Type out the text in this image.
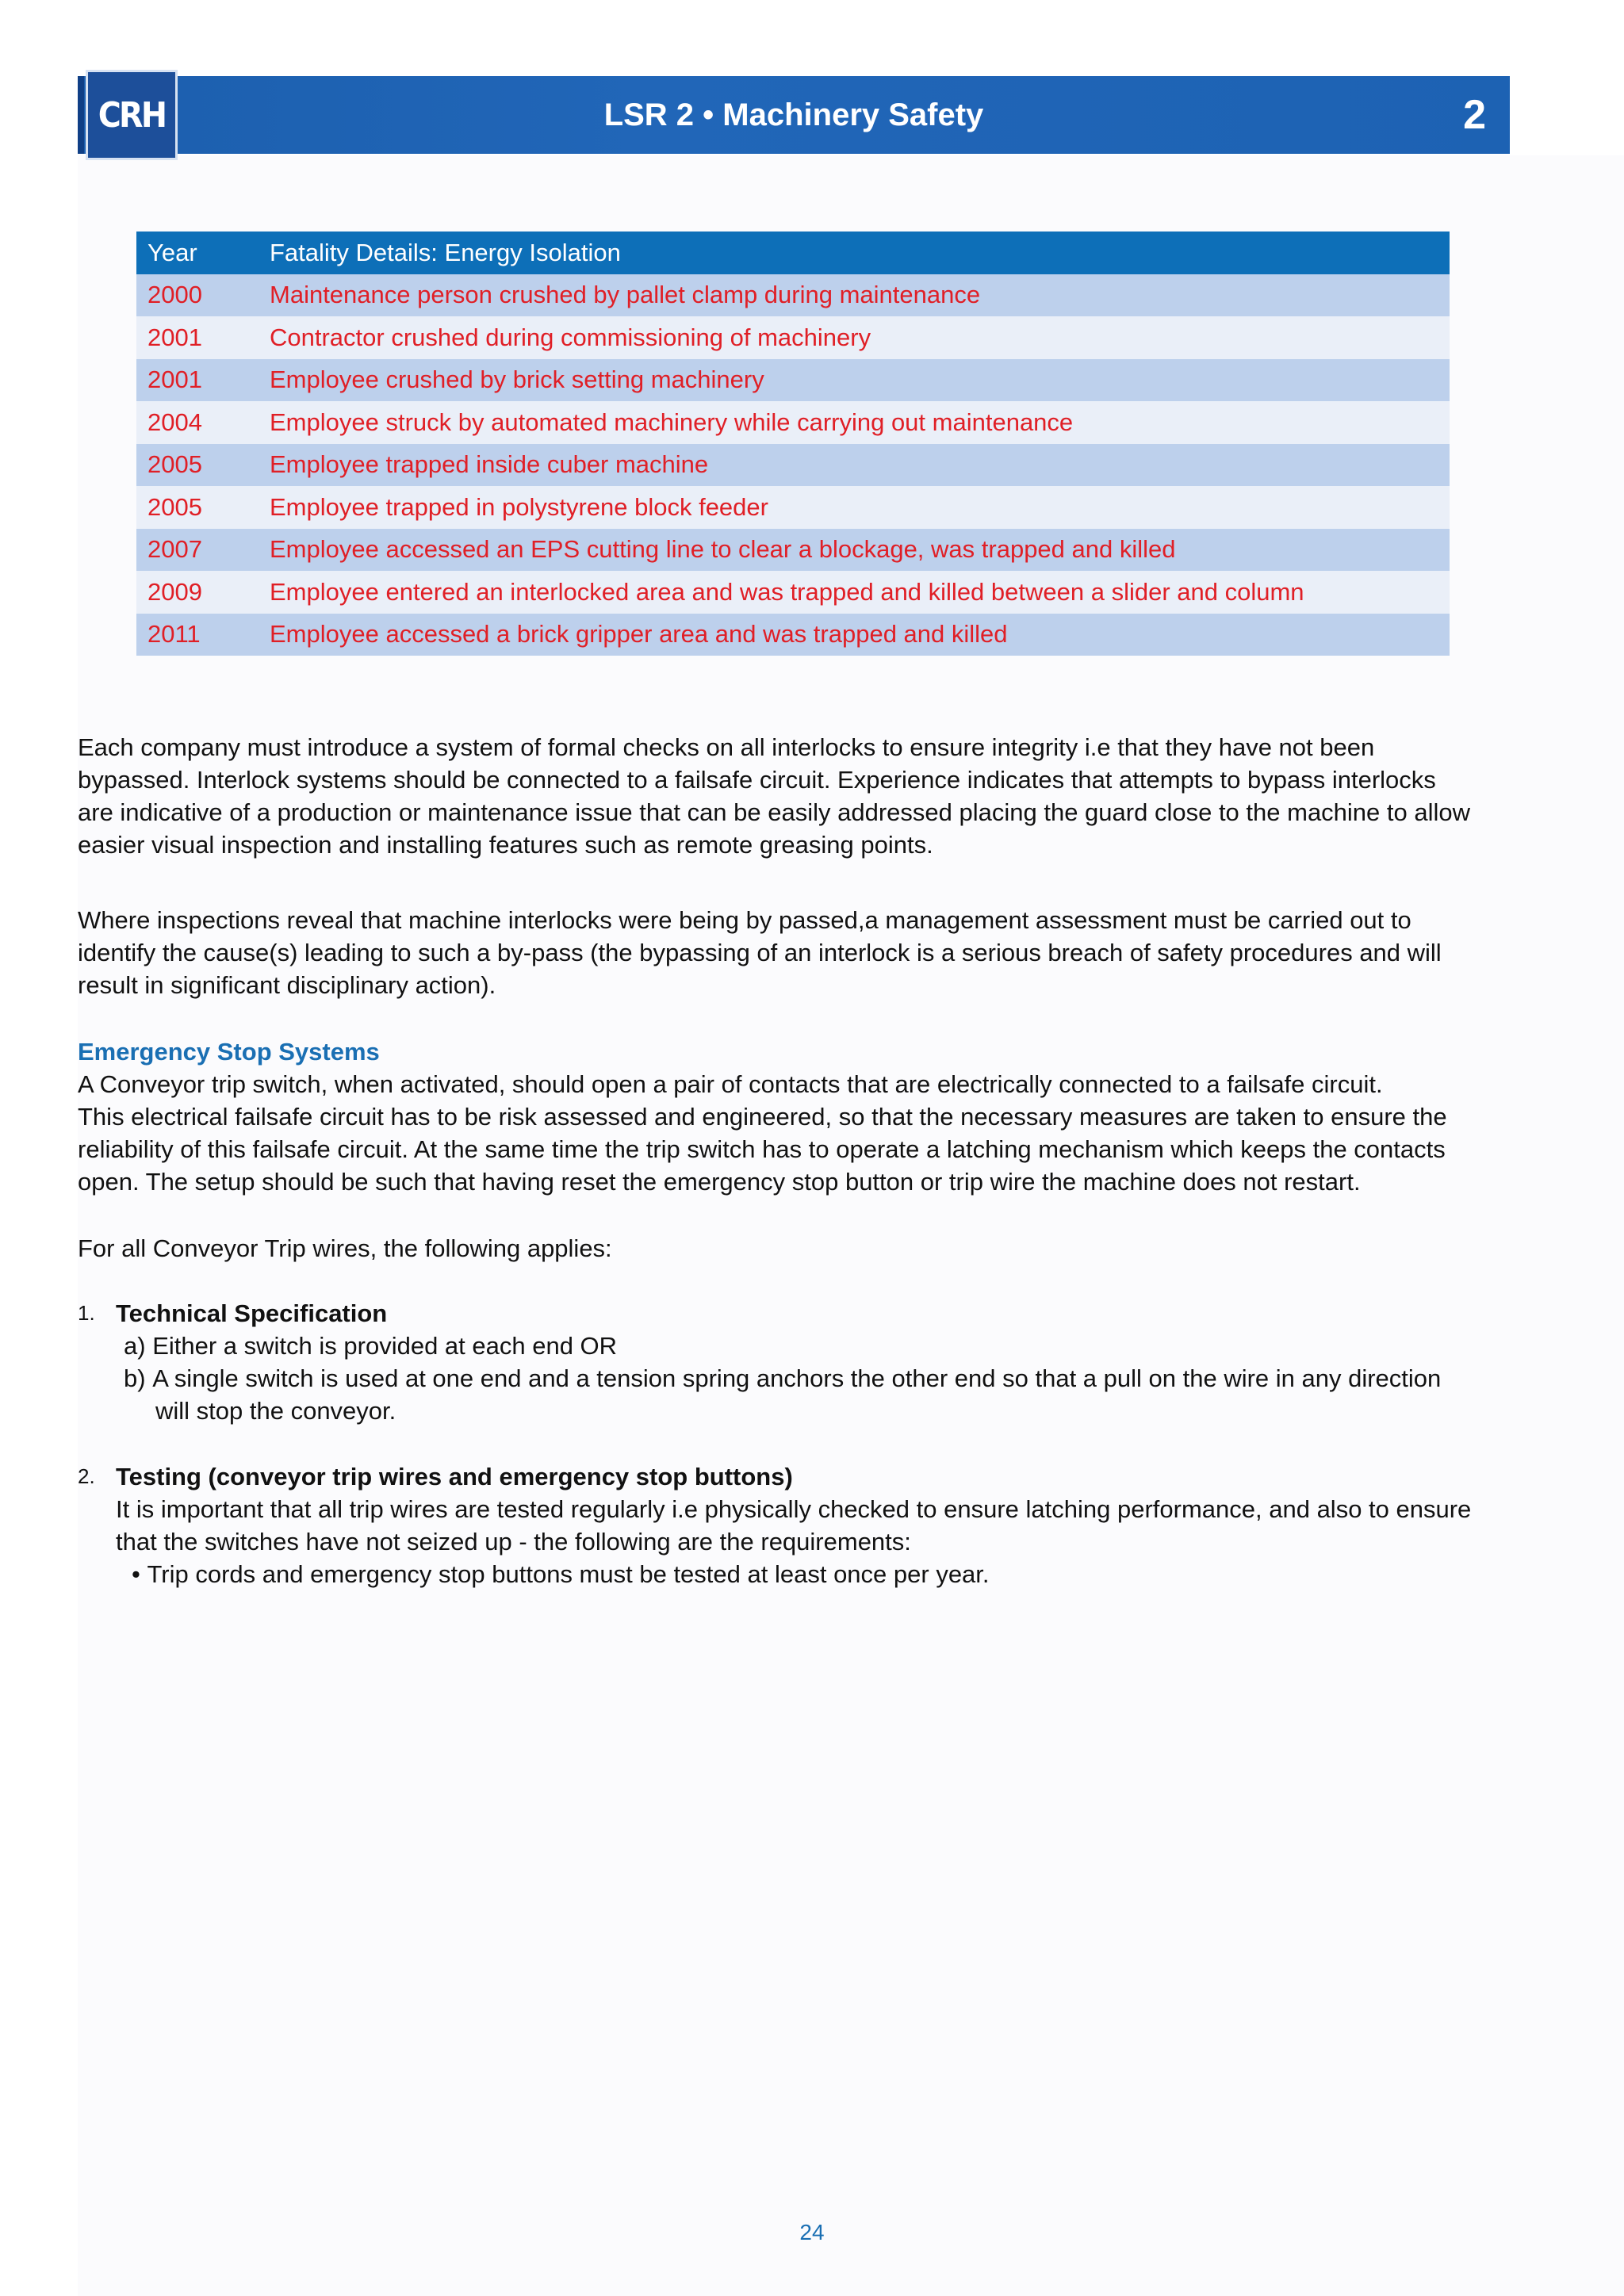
LSR 2 • Machinery Safety	2
CRH
Year	Fatality Details: Energy Isolation
2000	Maintenance person crushed by pallet clamp during maintenance
2001	Contractor crushed during commissioning of machinery
2001	Employee crushed by brick setting machinery
2004	Employee struck by automated machinery while carrying out maintenance
2005	Employee trapped inside cuber machine
2005	Employee trapped in polystyrene block feeder
2007	Employee accessed an EPS cutting line to clear a blockage, was trapped and killed
2009	Employee entered an interlocked area and was trapped and killed between a slider and column
2011	Employee accessed a brick gripper area and was trapped and killed

Each company must introduce a system of formal checks on all interlocks to ensure integrity i.e that they have not been

bypassed. Interlock systems should be connected to a failsafe circuit. Experience indicates that attempts to bypass interlocks

are indicative of a production or maintenance issue that can be easily addressed placing the guard close to the machine to allow

easier visual inspection and installing features such as remote greasing points.

Where inspections reveal that machine interlocks were being by passed,a management assessment must be carried out to

identify the cause(s) leading to such a by-pass (the bypassing of an interlock is a serious breach of safety procedures and will

result in significant disciplinary action).

Emergency Stop Systems

A Conveyor trip switch, when activated, should open a pair of contacts that are electrically connected to a failsafe circuit.

This electrical failsafe circuit has to be risk assessed and engineered, so that the necessary measures are taken to ensure the

reliability of this failsafe circuit. At the same time the trip switch has to operate a latching mechanism which keeps the contacts

open. The setup should be such that having reset the emergency stop button or trip wire the machine does not restart.

For all Conveyor Trip wires, the following applies:

1. Technical Specification

a) Either a switch is provided at each end OR

b) A single switch is used at one end and a tension spring anchors the other end so that a pull on the wire in any direction

will stop the conveyor.

2. Testing (conveyor trip wires and emergency stop buttons)

It is important that all trip wires are tested regularly i.e physically checked to ensure latching performance, and also to ensure

that the switches have not seized up - the following are the requirements:

• Trip cords and emergency stop buttons must be tested at least once per year.

24
